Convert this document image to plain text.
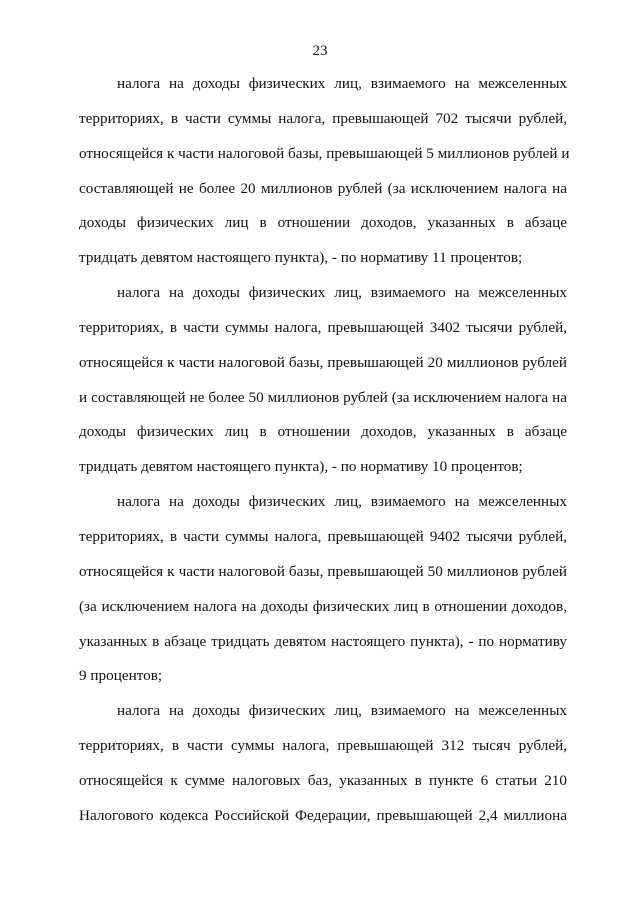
23
налога на доходы физических лиц, взимаемого на межселенных
территориях, в части суммы налога, превышающей 702 тысячи рублей,
относящейся к части налоговой базы, превышающей 5 миллионов рублей и
составляющей не более 20 миллионов рублей (за исключением налога на
доходы физических лиц в отношении доходов, указанных в абзаце
тридцать девятом настоящего пункта), - по нормативу 11 процентов;
налога на доходы физических лиц, взимаемого на межселенных
территориях, в части суммы налога, превышающей 3402 тысячи рублей,
относящейся к части налоговой базы, превышающей 20 миллионов рублей
и составляющей не более 50 миллионов рублей (за исключением налога на
доходы физических лиц в отношении доходов, указанных в абзаце
тридцать девятом настоящего пункта), - по нормативу 10 процентов;
налога на доходы физических лиц, взимаемого на межселенных
территориях, в части суммы налога, превышающей 9402 тысячи рублей,
относящейся к части налоговой базы, превышающей 50 миллионов рублей
(за исключением налога на доходы физических лиц в отношении доходов,
указанных в абзаце тридцать девятом настоящего пункта), - по нормативу
9 процентов;
налога на доходы физических лиц, взимаемого на межселенных
территориях, в части суммы налога, превышающей 312 тысяч рублей,
относящейся к сумме налоговых баз, указанных в пункте 6 статьи 210
Налогового кодекса Российской Федерации, превышающей 2,4 миллиона
